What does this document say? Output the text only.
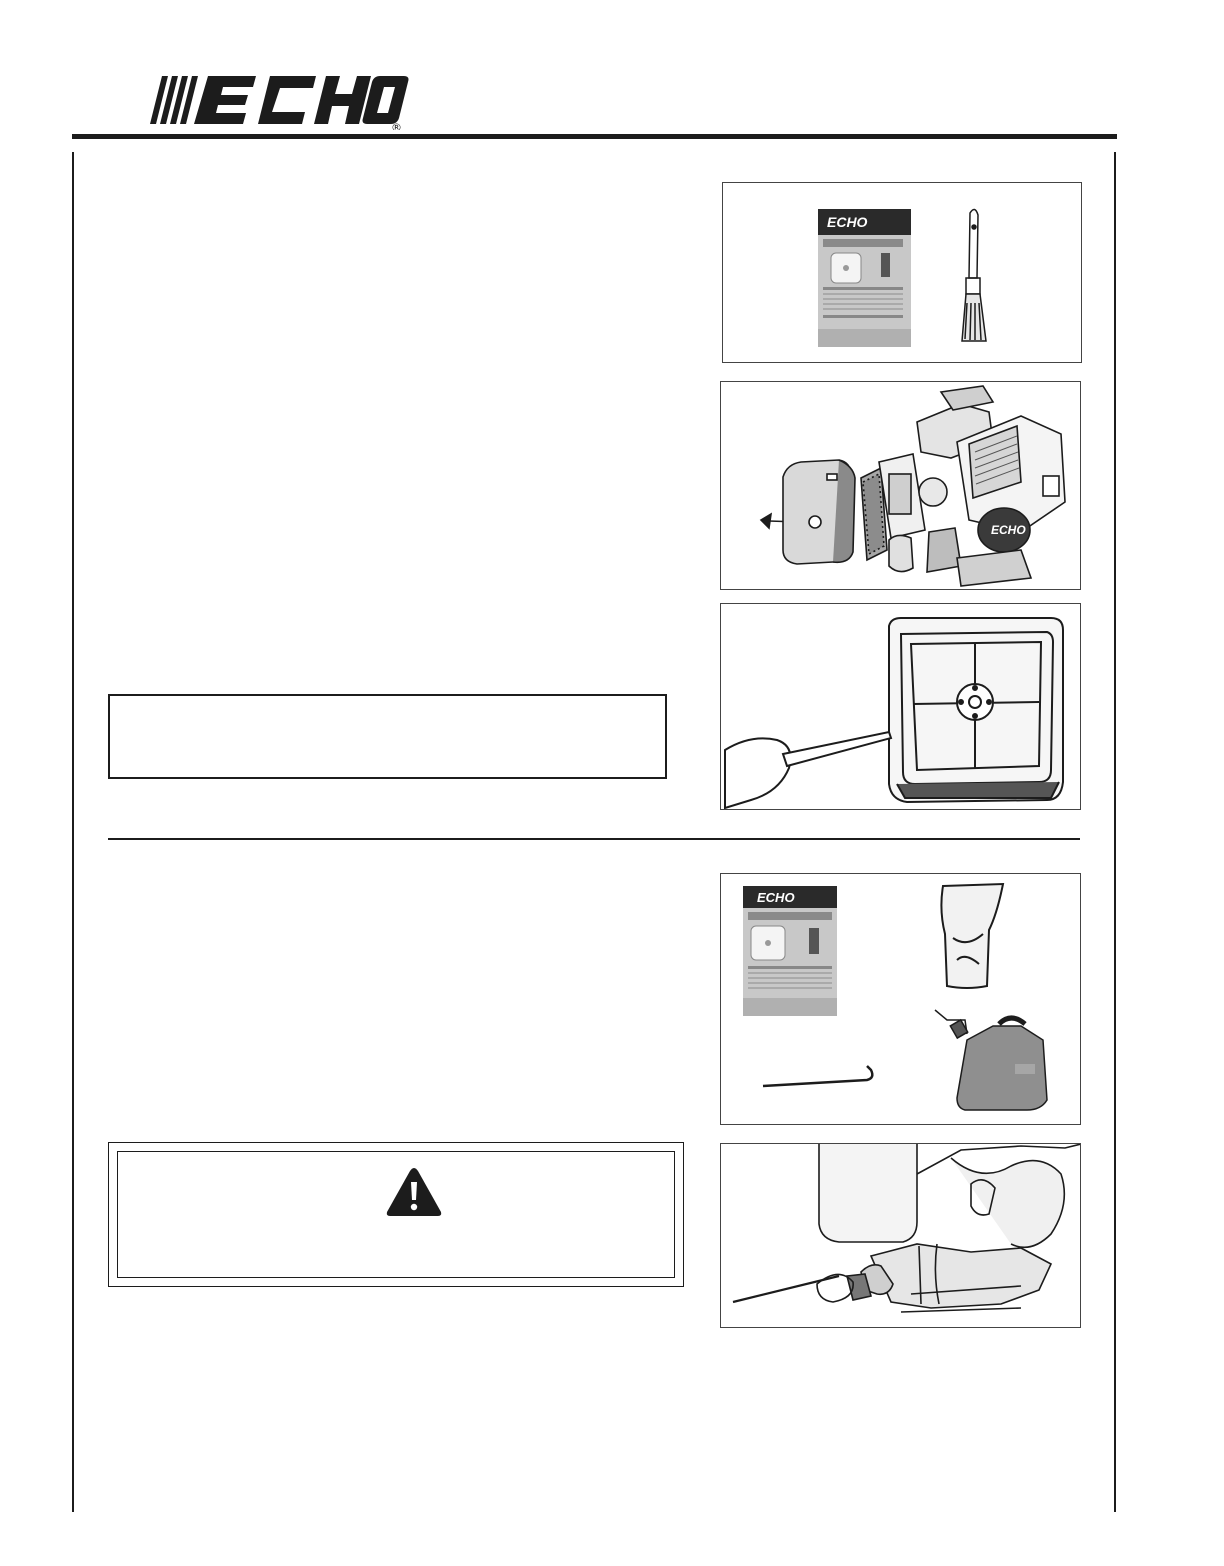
®
ECHO
ECHO
ECHO
